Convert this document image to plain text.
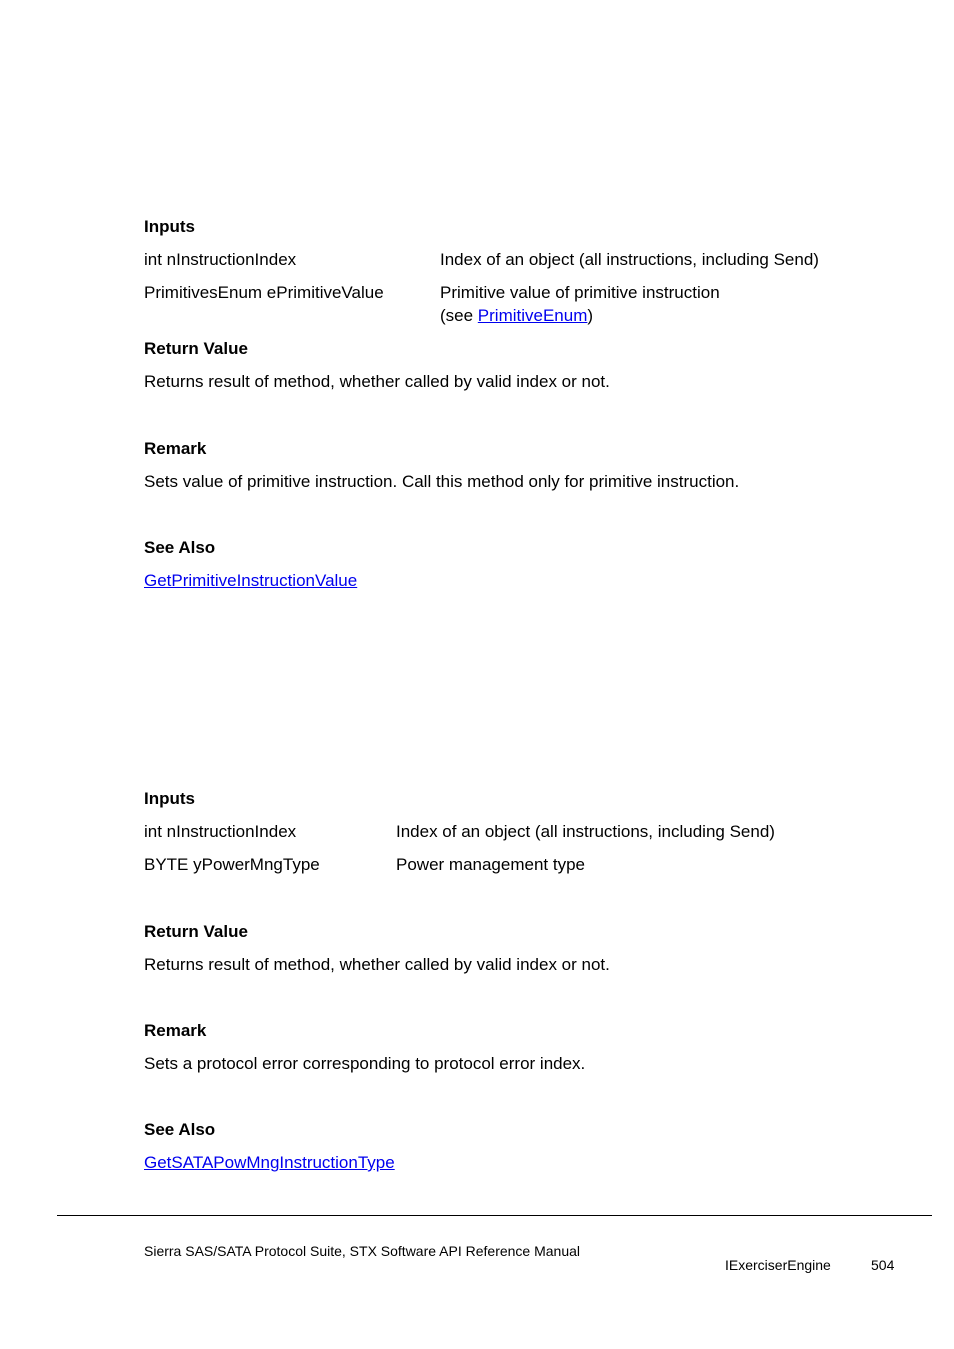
Inputs
int nInstructionIndex	Index of an object (all instructions, including Send)
PrimitivesEnum ePrimitiveValue	Primitive value of primitive instruction
(see PrimitiveEnum)
Return Value
Returns result of method, whether called by valid index or not.
Remark
Sets value of primitive instruction. Call this method only for primitive instruction.
See Also
GetPrimitiveInstructionValue
Inputs
int nInstructionIndex	Index of an object (all instructions, including Send)
BYTE yPowerMngType	Power management type
Return Value
Returns result of method, whether called by valid index or not.
Remark
Sets a protocol error corresponding to protocol error index.
See Also
GetSATAPowMngInstructionType
Sierra SAS/SATA Protocol Suite, STX Software API Reference Manual
IExerciserEngine	504
